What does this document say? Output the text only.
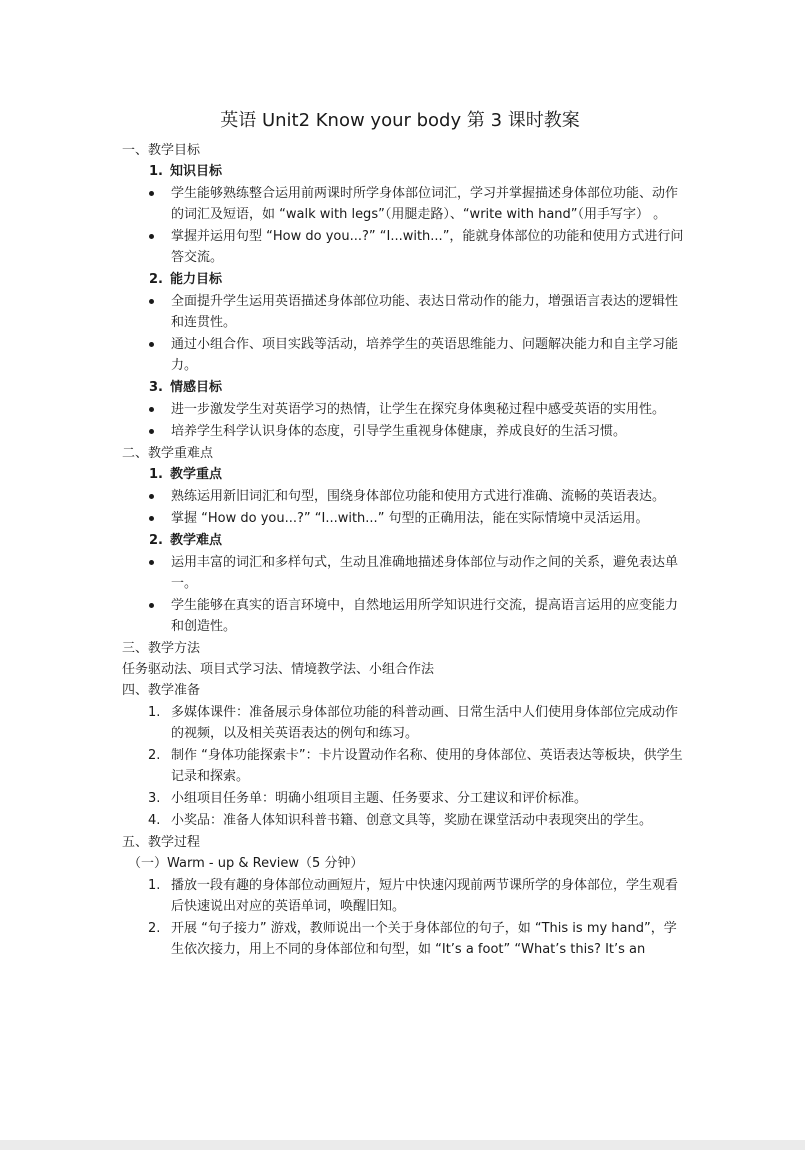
英语 Unit2 Know your body 第 3 课时教案
一、教学目标
1. 知识目标
学生能够熟练整合运用前两课时所学身体部位词汇，学习并掌握描述身体部位功能、动作的词汇及短语，如 “walk with legs”（用腿走路）、“write with hand”（用手写字） 。
掌握并运用句型 “How do you...?” “I...with...”，能就身体部位的功能和使用方式进行问答交流。
2. 能力目标
全面提升学生运用英语描述身体部位功能、表达日常动作的能力，增强语言表达的逻辑性和连贯性。
通过小组合作、项目实践等活动，培养学生的英语思维能力、问题解决能力和自主学习能力。
3. 情感目标
进一步激发学生对英语学习的热情，让学生在探究身体奥秘过程中感受英语的实用性。
培养学生科学认识身体的态度，引导学生重视身体健康，养成良好的生活习惯。
二、教学重难点
1. 教学重点
熟练运用新旧词汇和句型，围绕身体部位功能和使用方式进行准确、流畅的英语表达。
掌握 “How do you...?” “I...with...” 句型的正确用法，能在实际情境中灵活运用。
2. 教学难点
运用丰富的词汇和多样句式，生动且准确地描述身体部位与动作之间的关系，避免表达单一。
学生能够在真实的语言环境中，自然地运用所学知识进行交流，提高语言运用的应变能力和创造性。
三、教学方法
任务驱动法、项目式学习法、情境教学法、小组合作法
四、教学准备
1. 多媒体课件：准备展示身体部位功能的科普动画、日常生活中人们使用身体部位完成动作的视频，以及相关英语表达的例句和练习。
2. 制作 “身体功能探索卡”：卡片设置动作名称、使用的身体部位、英语表达等板块，供学生记录和探索。
3. 小组项目任务单：明确小组项目主题、任务要求、分工建议和评价标准。
4. 小奖品：准备人体知识科普书籍、创意文具等，奖励在课堂活动中表现突出的学生。
五、教学过程
（一）Warm - up & Review（5 分钟）
1. 播放一段有趣的身体部位动画短片，短片中快速闪现前两节课所学的身体部位，学生观看后快速说出对应的英语单词，唤醒旧知。
2. 开展 “句子接力” 游戏，教师说出一个关于身体部位的句子，如 “This is my hand”，学生依次接力，用上不同的身体部位和句型，如 “It’s a foot” “What’s this? It’s an
